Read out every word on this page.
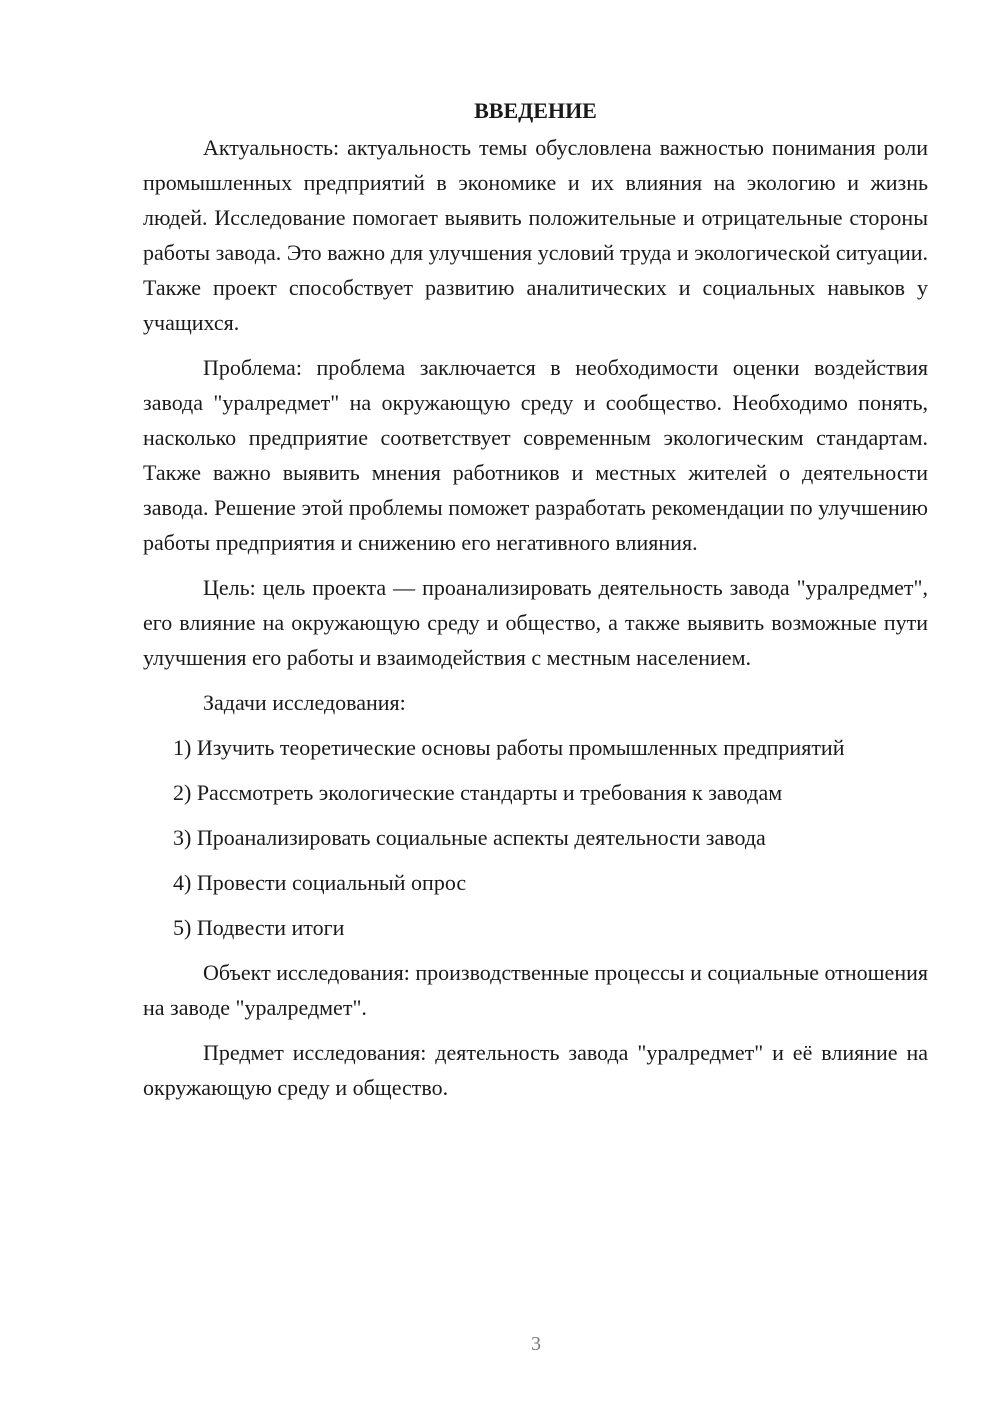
ВВЕДЕНИЕ

Актуальность: актуальность темы обусловлена важностью понимания роли промышленных предприятий в экономике и их влияния на экологию и жизнь людей. Исследование помогает выявить положительные и отрицательные стороны работы завода. Это важно для улучшения условий труда и экологической ситуации. Также проект способствует развитию аналитических и социальных навыков у учащихся.

Проблема: проблема заключается в необходимости оценки воздействия завода "уралредмет" на окружающую среду и сообщество. Необходимо понять, насколько предприятие соответствует современным экологическим стандартам. Также важно выявить мнения работников и местных жителей о деятельности завода. Решение этой проблемы поможет разработать рекомендации по улучшению работы предприятия и снижению его негативного влияния.

Цель: цель проекта — проанализировать деятельность завода "уралредмет", его влияние на окружающую среду и общество, а также выявить возможные пути улучшения его работы и взаимодействия с местным населением.

Задачи исследования:

1) Изучить теоретические основы работы промышленных предприятий

2) Рассмотреть экологические стандарты и требования к заводам

3) Проанализировать социальные аспекты деятельности завода

4) Провести социальный опрос

5) Подвести итоги

Объект исследования: производственные процессы и социальные отношения на заводе "уралредмет".

Предмет исследования: деятельность завода "уралредмет" и её влияние на окружающую среду и общество.

3
